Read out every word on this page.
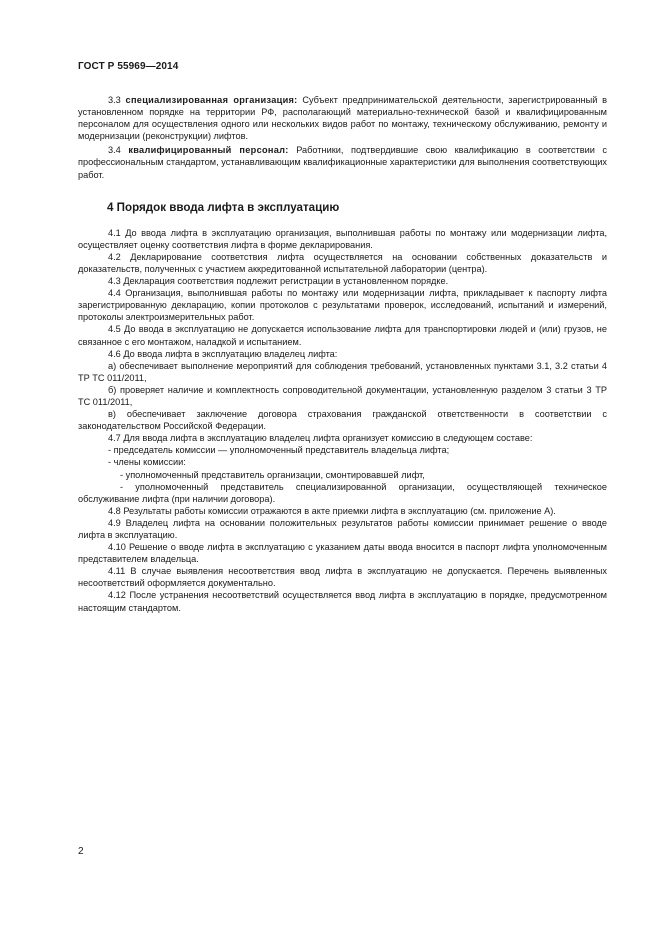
ГОСТ Р 55969—2014

3.3 специализированная организация: Субъект предпринимательской деятельности, зарегистрированный в установленном порядке на территории РФ, располагающий материально-технической базой и квалифицированным персоналом для осуществления одного или нескольких видов работ по монтажу, техническому обслуживанию, ремонту и модернизации (реконструкции) лифтов.

3.4 квалифицированный персонал: Работники, подтвердившие свою квалификацию в соответствии с профессиональным стандартом, устанавливающим квалификационные характеристики для выполнения соответствующих работ.

4 Порядок ввода лифта в эксплуатацию

4.1 До ввода лифта в эксплуатацию организация, выполнившая работы по монтажу или модернизации лифта, осуществляет оценку соответствия лифта в форме декларирования.

4.2 Декларирование соответствия лифта осуществляется на основании собственных доказательств и доказательств, полученных с участием аккредитованной испытательной лаборатории (центра).

4.3 Декларация соответствия подлежит регистрации в установленном порядке.

4.4 Организация, выполнившая работы по монтажу или модернизации лифта, прикладывает к паспорту лифта зарегистрированную декларацию, копии протоколов с результатами проверок, исследований, испытаний и измерений, протоколы электроизмерительных работ.

4.5 До ввода в эксплуатацию не допускается использование лифта для транспортировки людей и (или) грузов, не связанное с его монтажом, наладкой и испытанием.

4.6 До ввода лифта в эксплуатацию владелец лифта:

а) обеспечивает выполнение мероприятий для соблюдения требований, установленных пунктами 3.1, 3.2 статьи 4 ТР ТС 011/2011,

б) проверяет наличие и комплектность сопроводительной документации, установленную разделом 3 статьи 3 ТР ТС 011/2011,

в) обеспечивает заключение договора страхования гражданской ответственности в соответствии с законодательством Российской Федерации.

4.7 Для ввода лифта в эксплуатацию владелец лифта организует комиссию в следующем составе:

- председатель комиссии — уполномоченный представитель владельца лифта;

- члены комиссии:

- уполномоченный представитель организации, смонтировавшей лифт,

- уполномоченный представитель специализированной организации, осуществляющей техническое обслуживание лифта (при наличии договора).

4.8 Результаты работы комиссии отражаются в акте приемки лифта в эксплуатацию (см. приложение А).

4.9 Владелец лифта на основании положительных результатов работы комиссии принимает решение о вводе лифта в эксплуатацию.

4.10 Решение о вводе лифта в эксплуатацию с указанием даты ввода вносится в паспорт лифта уполномоченным представителем владельца.

4.11 В случае выявления несоответствия ввод лифта в эксплуатацию не допускается. Перечень выявленных несоответствий оформляется документально.

4.12 После устранения несоответствий осуществляется ввод лифта в эксплуатацию в порядке, предусмотренном настоящим стандартом.

2
